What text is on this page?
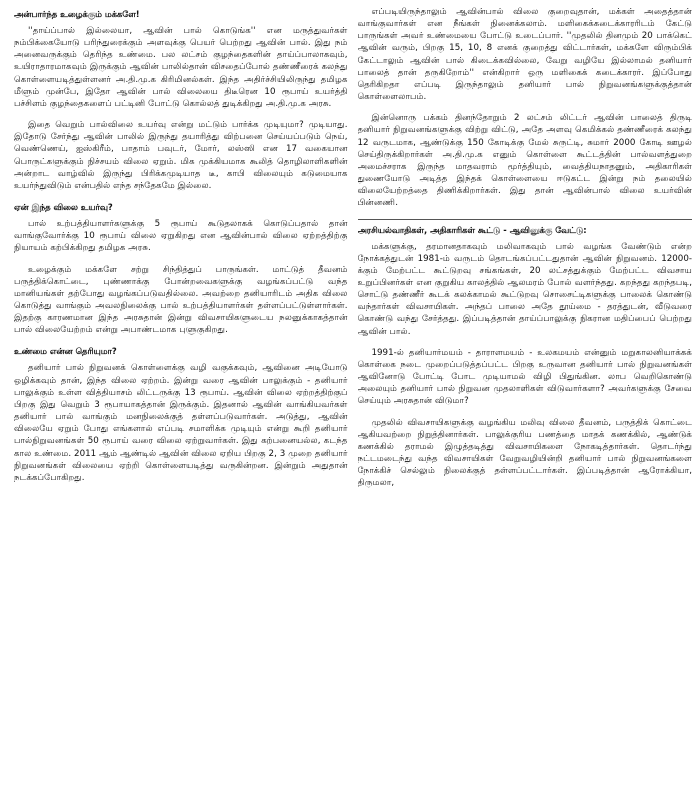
அன்பார்ந்த உழைக்கும் மக்களே!

''தாய்ப்பால் இல்லையா, ஆவின் பால் கொடுங்க'' என மருத்துவர்கள் நம்பிக்கையோடு பரிந்துரைக்கும் அளவுக்கு பெயர் பெற்றது ஆவின் பால். இது நம் அனைவருக்கும் தெரிந்த உண்மை. பல லட்சம் குழந்தைகளின் தாய்ப்பாலாகவும், உயிராதாரமாகவும் இருக்கும் ஆவின் பாலில்தான் விசதைப்போல் தண்ணீரைக் கலந்து கொள்ளையடித்துள்ளனர் அ.தி.மு.க கிரிமினல்கள். இந்த அதிர்ச்சியிலிருந்து தமிழக மீளும் முன்பே, இதோ ஆவின் பால் விலையை திடீரென 10 ரூபாய் உயர்த்தி பச்சிளம் குழந்தைகளைப் பட்டினி போட்டு கொல்லத் துடிக்கிறது அ.தி.மு.க அரசு.

இதை வெறும் பால்விலை உயர்வு என்று மட்டும் பார்க்க முடியுமா? முடியாது. இதோடு சேர்ந்து ஆவின் பாலில் இருந்து தயாரித்து விற்பனை செய்யப்படும் நெய், வெண்ணெய், ஐஸ்கிரீம், பாதாம் பவுடர், மோர், லஸ்ஸி என 17 வகையான பொருட்களுக்கும் நிச்சயம் விலை ஏறும். மிக முக்கியமாக கூலித் தொழிலாளிகளின் அன்றாட வாழ்வில் இருந்து பிரிக்கமுடியாத டீ, காபி விலையும் கடுமையாக உயர்ந்துவிடும் என்பதில் எந்த சந்தேகமே இல்லை.

ஏன் இந்த விலை உயர்வு?

பால் உற்பத்தியாளர்களுக்கு 5 ரூபாய் கூடுதலாகக் கொடுப்பதால் தான் வாங்குவோர்க்கு 10 ரூபாய் விலை ஏறுகிறது என ஆவின்பால் விலை ஏற்றத்திற்கு நியாயம் கற்பிக்கிறது தமிழக அரசு.

உழைக்கும் மக்களே சற்று சிந்தித்துப் பாருங்கள். மாட்டுத் தீவனம் பருத்திக்கொட்டை, புண்ணாக்கு போன்றவைகளுக்கு வழங்கப்பட்டு வந்த மானியங்கள் தற்போது வழங்கப்படுவதில்லை. அவற்றை தனியாரிடம் அதிக விலை கொடுத்து வாங்கும் அவலநிலைக்கு பால் உற்பத்தியாளர்கள் தள்ளப்பட்டுள்ளார்கள். இதற்கு காரணமான இந்த அரசுதான் இன்று விவசாயிகளுடைய நலனுக்காகத்தான் பால் விலையேற்றம் என்று அபாண்டமாக புளுகுகிறது.

உண்மை என்ன தெரியுமா?

தனியார் பால் நிறுவனக் கொள்ளைக்கு வழி வகுக்கவும், ஆவினை அடியோடு ஒழிக்கவும் தான், இந்த விலை ஏற்றம். இன்று வரை ஆவின் பாலுக்கும் - தனியார் பாலுக்கும் உள்ள வித்தியாசம் லிட்டருக்கு 13 ரூபாய். ஆவின் விலை ஏற்றத்திற்குப் பிறகு இது வெறும் 3 ரூபாயாகத்தான் இருக்கும். இதனால் ஆவின் வாங்கியவர்கள் தனியார் பால் வாங்கும் மனநிலைக்குத் தள்ளப்படுவார்கள். அடுத்து, ஆவின் விலையே ஏறும் போது எங்களால் எப்படி சமாளிக்க முடியும் என்று கூறி தனியார் பால்நிறுவனங்கள் 50 ரூபாய் வரை விலை ஏற்றுவார்கள். இது கற்பனையல்ல, கடந்த கால உண்மை. 2011 ஆம் ஆண்டில் ஆவின் விலை ஏறிய பிறகு 2, 3 முறை தனியார் நிறுவனங்கள் விலையை ஏற்றி கொள்ளையடித்து வருகின்றன. இன்றும் அதுதான் நடக்கப்போகிறது.

எப்படியிருந்தாலும் ஆவின்பால் விலை குறைவுதான், மக்கள் அதைத்தான் வாங்குவார்கள் என நீங்கள் நினைக்கலாம். மளிகைக்கடைக்காரரிடம் கேட்டு பாருங்கள் அவர் உண்மையை போட்டு உடைப்பார். ''முதலில் தினமும் 20 பாக்கெட் ஆவின் வரும், பிறகு 15, 10, 8 எனக் குறைத்து விட்டார்கள், மக்களே விரும்பிக் கேட்டாலும் ஆவின் பால் கிடைக்கவில்லை, வேறு வழியே இல்லாமல் தனியார் பாலைத் தான் தருகிறோம்'' என்கிறார் ஒரு மளிகைக் கடைக்காரர். இப்போது தெரிகிறதா எப்படி இருந்தாலும் தனியார் பால் நிறுவனங்களுக்குத்தான் கொள்ளைலாபம்.

இன்னொரு பக்கம் தினந்தோறும் 2 லட்சம் லிட்டர் ஆவின் பாலைத் திருடி தனியார் நிறுவனங்களுக்கு விற்று விட்டு, அதே அளவு கெமிக்கல் தண்ணீரைக் கலந்து 12 வருடமாக, ஆண்டுக்கு 150 கோடிக்கு மேல் சுருட்டி, சுமார் 2000 கோடி ஊழல் செய்திருக்கிறார்கள் அ.தி.மு.க எனும் கொள்ளை கூட்டத்தின் பால்வளத்துறை அமைச்சராக இருந்த மாதவராம் மூர்த்தியும், வைத்தியநாதனும், அதிகாரிகள் துணையோடு அடித்த இந்தக் கொள்ளையை ஈடுகட்ட இன்று நம் தலையில் விலையேற்றத்தை திணிக்கிறார்கள். இது தான் ஆவின்பால் விலை உயர்வின் பின்னணி.

அரசியல்வாதிகள், அதிகாரிகள் கூட்டு - ஆவினுக்கு வேட்டு:

மக்களுக்கு, தரமானதாகவும் மலிவாகவும் பால் வழங்க வேண்டும் என்ற நோக்கத்துடன் 1981-ம் வருடம் தொடங்கப்பட்டதுதான் ஆவின் நிறுவனம். 12000-க்கும் மேற்பட்ட கூட்டுறவு சங்கங்கள், 20 லட்சத்துக்கும் மேற்பட்ட விவசாய உறுப்பினர்கள் என குறுகிய காலத்தில் ஆலமரம் போல் வளர்ந்தது. கறந்தது கறந்தபடி, சொட்டு தண்ணீர் கூடக் கலக்காமல் கூட்டுறவு சொசைட்டிகளுக்கு பாலைக் கொண்டு வந்தார்கள் விவசாயிகள். அந்தப் பாலை அதே தூய்மை - தரத்துடன், வீடுவரை கொண்டு வந்து சேர்த்தது. இப்படித்தான் தாய்ப்பாலுக்கு நிகரான மதிப்பைப் பெற்றது ஆவின் பால்.

1991-ல் தனியார்மயம் - தாராளமயம் - உலகமயம் என்னும் மறுகாலனியாக்கக் கொள்கை நடை முறைப்படுத்தப்பட்ட பிறகு உருவான தனியார் பால் நிறுவனங்கள் ஆவினோடு போட்டி போட முடியாமல் விழி பிதுங்கின. லாப வெறிகொண்டு அலையும் தனியார் பால் நிறுவன முதலாளிகள் விடுவார்களா? அவர்களுக்கு சேவை செய்யும் அரசுதான் விடுமா?

முதலில் விவசாயிகளுக்கு வழங்கிய மலிவு விலை தீவனம், பருத்திக் கொட்டை ஆகியவற்றை நிறுத்தினார்கள். பாலுக்குரிய பணத்தை மாதக் கணக்கில், ஆண்டுக் கணக்கில் தராமல் இழுத்தடித்து விவசாயிகளை நோகடித்தார்கள். தொடர்ந்து நட்டமடைந்து வந்த விவசாயிகள் வேறுவழியின்றி தனியார் பால் நிறுவனங்களை நோக்கிச் செல்லும் நிலைக்குத் தள்ளப்பட்டார்கள். இப்படித்தான் ஆரோக்கியா, திருமலா,
